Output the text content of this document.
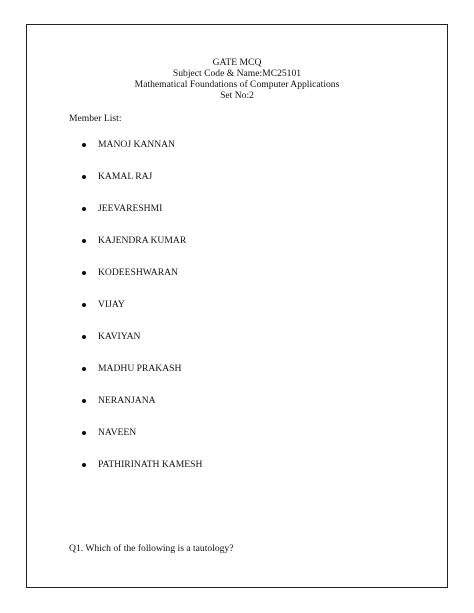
GATE MCQ
Subject Code & Name:MC25101
Mathematical Foundations of Computer Applications
Set No:2
Member List:
MANOJ KANNAN
KAMAL RAJ
JEEVARESHMI
KAJENDRA KUMAR
KODEESHWARAN
VIJAY
KAVIYAN
MADHU PRAKASH
NERANJANA
NAVEEN
PATHIRINATH KAMESH
Q1. Which of the following is a tautology?
